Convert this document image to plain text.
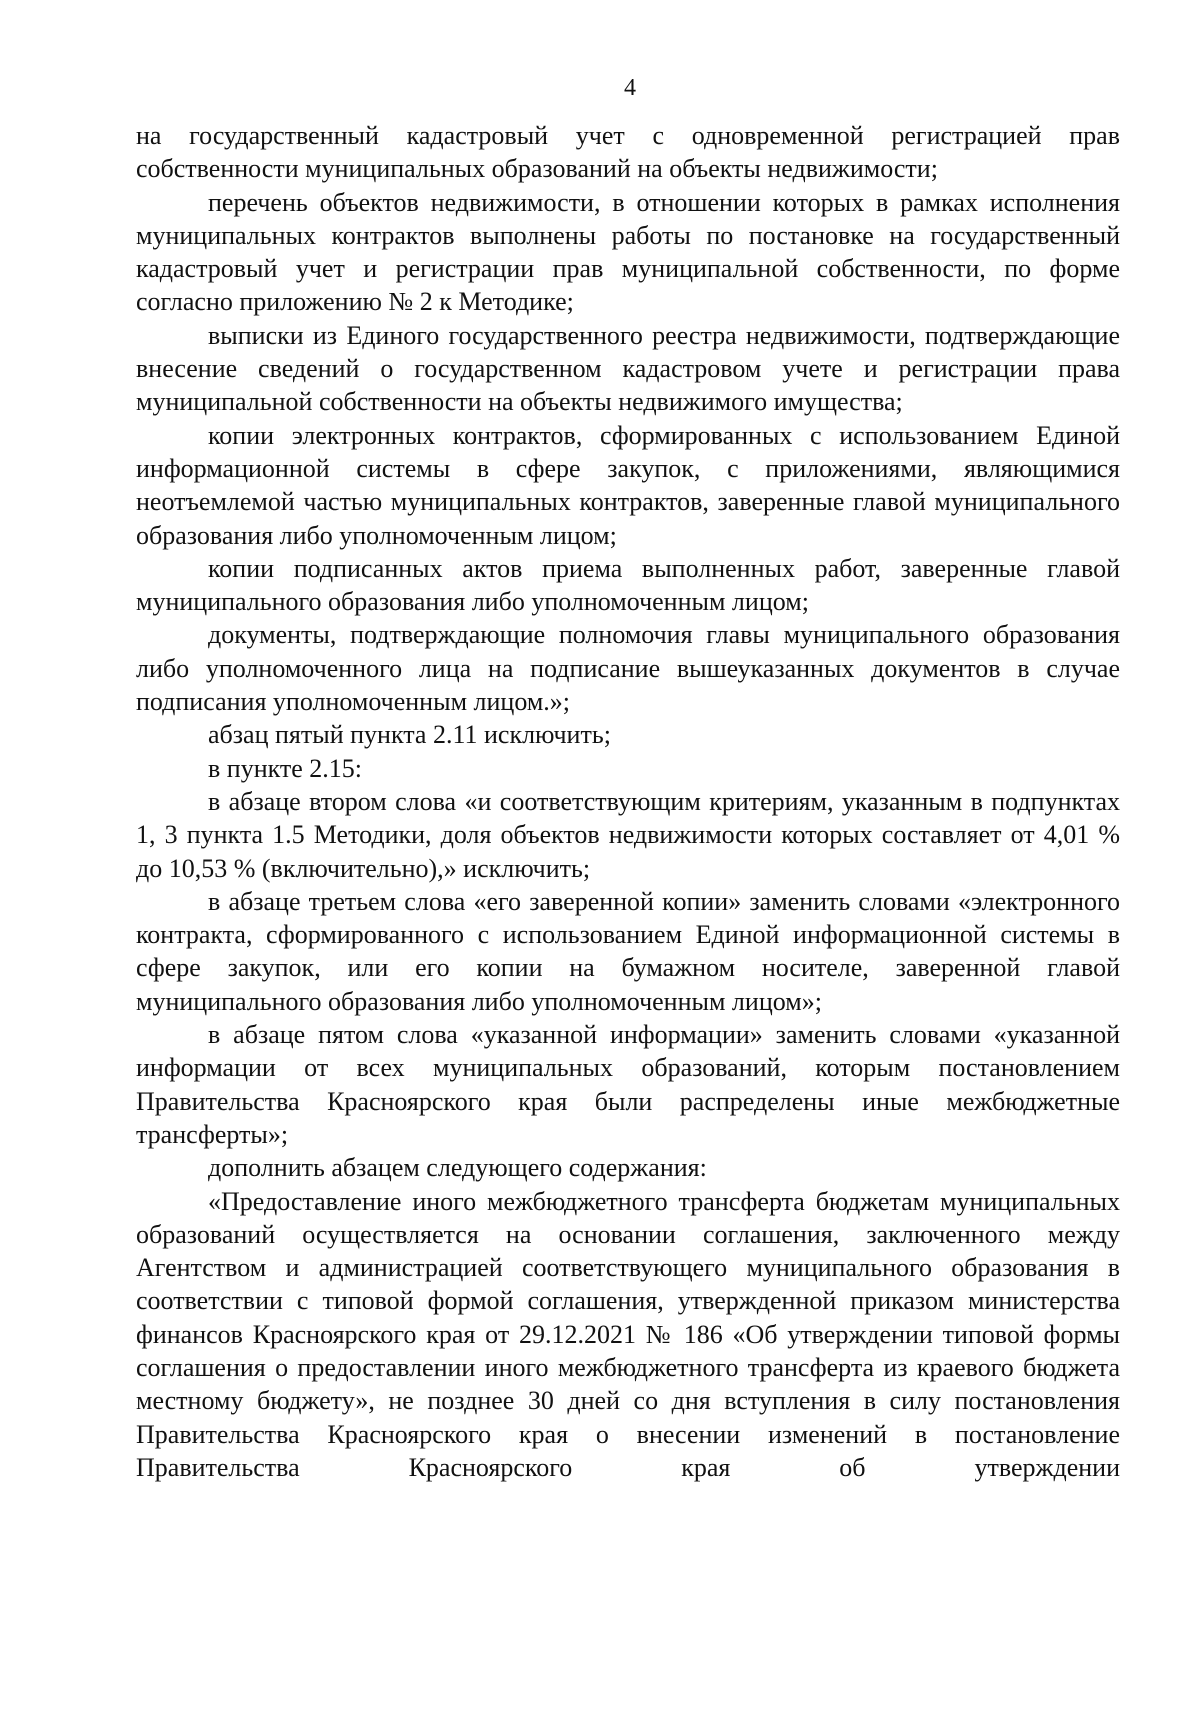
4

на государственный кадастровый учет с одновременной регистрацией прав собственности муниципальных образований на объекты недвижимости;

перечень объектов недвижимости, в отношении которых в рамках исполнения муниципальных контрактов выполнены работы по постановке на государственный кадастровый учет и регистрации прав муниципальной собственности, по форме согласно приложению № 2 к Методике;

выписки из Единого государственного реестра недвижимости, подтверждающие внесение сведений о государственном кадастровом учете и регистрации права муниципальной собственности на объекты недвижимого имущества;

копии электронных контрактов, сформированных с использованием Единой информационной системы в сфере закупок, с приложениями, являющимися неотъемлемой частью муниципальных контрактов, заверенные главой муниципального образования либо уполномоченным лицом;

копии подписанных актов приема выполненных работ, заверенные главой муниципального образования либо уполномоченным лицом;

документы, подтверждающие полномочия главы муниципального образования либо уполномоченного лица на подписание вышеуказанных документов в случае подписания уполномоченным лицом.»;

абзац пятый пункта 2.11 исключить;

в пункте 2.15:

в абзаце втором слова «и соответствующим критериям, указанным в подпунктах 1, 3 пункта 1.5 Методики, доля объектов недвижимости которых составляет от 4,01 % до 10,53 % (включительно),» исключить;

в абзаце третьем слова «его заверенной копии» заменить словами «электронного контракта, сформированного с использованием Единой информационной системы в сфере закупок, или его копии на бумажном носителе, заверенной главой муниципального образования либо уполномоченным лицом»;

в абзаце пятом слова «указанной информации» заменить словами «указанной информации от всех муниципальных образований, которым постановлением Правительства Красноярского края были распределены иные межбюджетные трансферты»;

дополнить абзацем следующего содержания:

«Предоставление иного межбюджетного трансферта бюджетам муниципальных образований осуществляется на основании соглашения, заключенного между Агентством и администрацией соответствующего муниципального образования в соответствии с типовой формой соглашения, утвержденной приказом министерства финансов Красноярского края от 29.12.2021 № 186 «Об утверждении типовой формы соглашения о предоставлении иного межбюджетного трансферта из краевого бюджета местному бюджету», не позднее 30 дней со дня вступления в силу постановления Правительства Красноярского края о внесении изменений в постановление Правительства Красноярского края об утверждении
